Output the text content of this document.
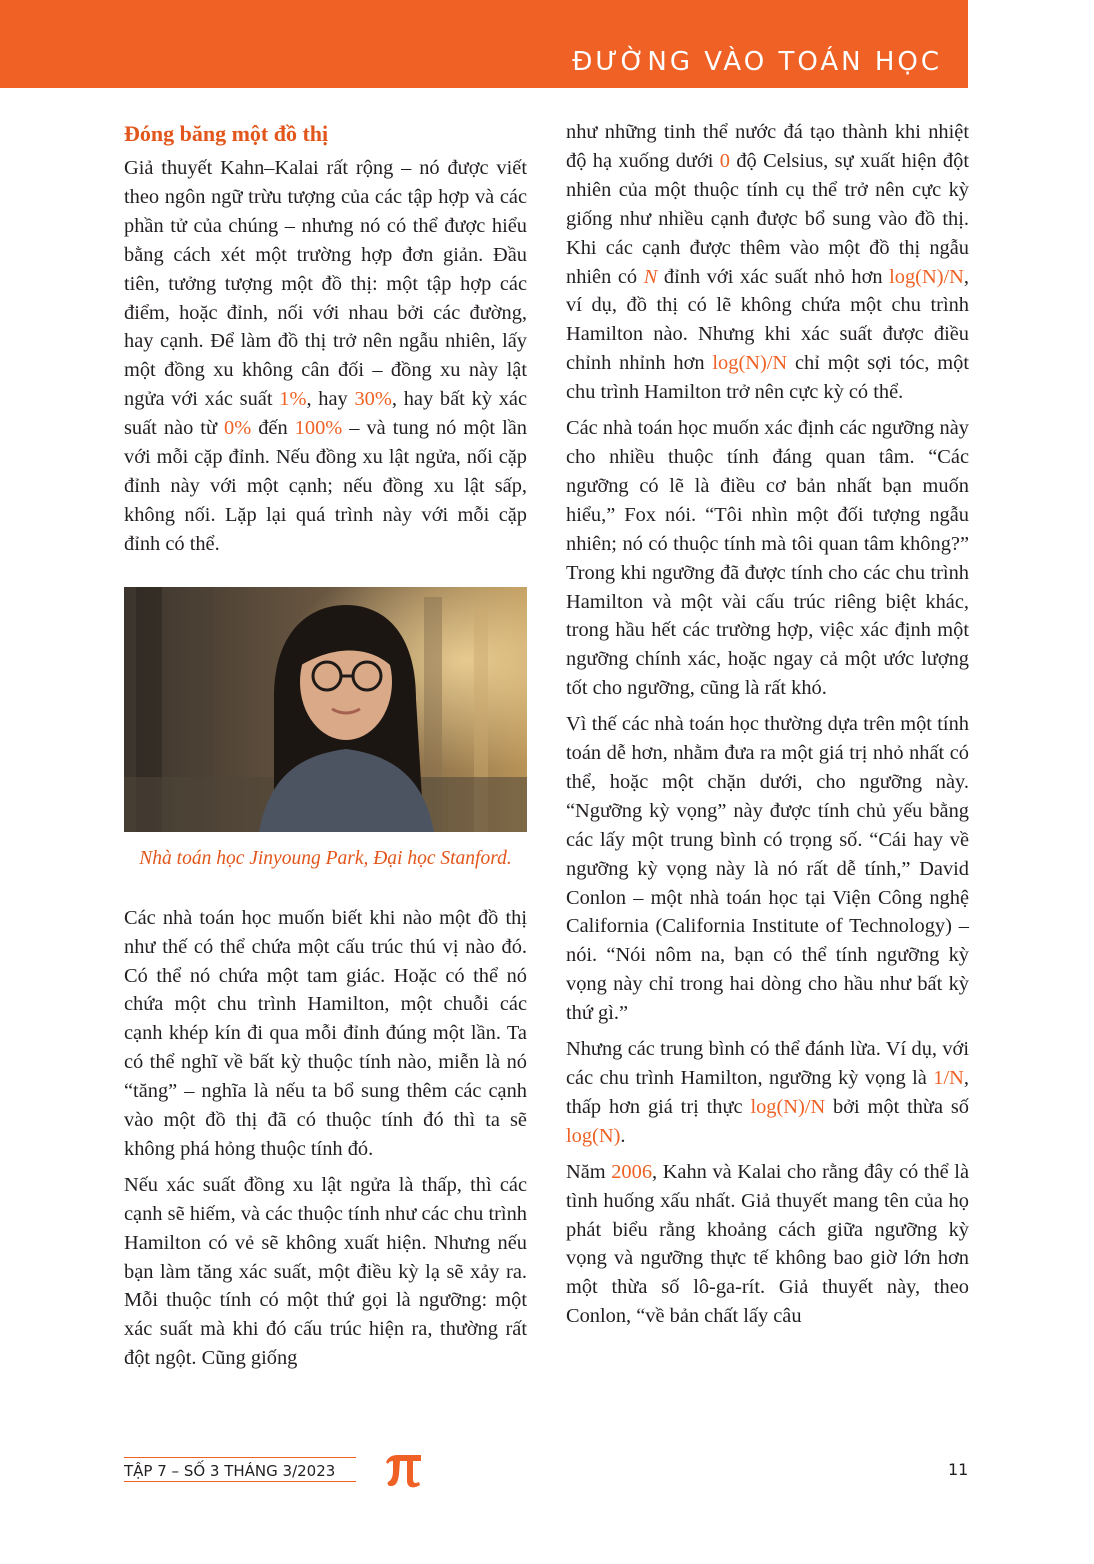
ĐƯỜNG VÀO TOÁN HỌC
Đóng băng một đồ thị

Giả thuyết Kahn–Kalai rất rộng – nó được viết theo ngôn ngữ trừu tượng của các tập hợp và các phần tử của chúng – nhưng nó có thể được hiểu bằng cách xét một trường hợp đơn giản. Đầu tiên, tưởng tượng một đồ thị: một tập hợp các điểm, hoặc đỉnh, nối với nhau bởi các đường, hay cạnh. Để làm đồ thị trở nên ngẫu nhiên, lấy một đồng xu không cân đối – đồng xu này lật ngửa với xác suất 1%, hay 30%, hay bất kỳ xác suất nào từ 0% đến 100% – và tung nó một lần với mỗi cặp đỉnh. Nếu đồng xu lật ngửa, nối cặp đỉnh này với một cạnh; nếu đồng xu lật sấp, không nối. Lặp lại quá trình này với mỗi cặp đỉnh có thể.

Nhà toán học Jinyoung Park, Đại học Stanford.

Các nhà toán học muốn biết khi nào một đồ thị như thế có thể chứa một cấu trúc thú vị nào đó. Có thể nó chứa một tam giác. Hoặc có thể nó chứa một chu trình Hamilton, một chuỗi các cạnh khép kín đi qua mỗi đỉnh đúng một lần. Ta có thể nghĩ về bất kỳ thuộc tính nào, miễn là nó “tăng” – nghĩa là nếu ta bổ sung thêm các cạnh vào một đồ thị đã có thuộc tính đó thì ta sẽ không phá hỏng thuộc tính đó.

Nếu xác suất đồng xu lật ngửa là thấp, thì các cạnh sẽ hiếm, và các thuộc tính như các chu trình Hamilton có vẻ sẽ không xuất hiện. Nhưng nếu bạn làm tăng xác suất, một điều kỳ lạ sẽ xảy ra. Mỗi thuộc tính có một thứ gọi là ngưỡng: một xác suất mà khi đó cấu trúc hiện ra, thường rất đột ngột. Cũng giống

như những tinh thể nước đá tạo thành khi nhiệt độ hạ xuống dưới 0 độ Celsius, sự xuất hiện đột nhiên của một thuộc tính cụ thể trở nên cực kỳ giống như nhiều cạnh được bổ sung vào đồ thị. Khi các cạnh được thêm vào một đồ thị ngẫu nhiên có N đỉnh với xác suất nhỏ hơn log(N)/N, ví dụ, đồ thị có lẽ không chứa một chu trình Hamilton nào. Nhưng khi xác suất được điều chỉnh nhỉnh hơn log(N)/N chỉ một sợi tóc, một chu trình Hamilton trở nên cực kỳ có thể.

Các nhà toán học muốn xác định các ngưỡng này cho nhiều thuộc tính đáng quan tâm. “Các ngưỡng có lẽ là điều cơ bản nhất bạn muốn hiểu,” Fox nói. “Tôi nhìn một đối tượng ngẫu nhiên; nó có thuộc tính mà tôi quan tâm không?” Trong khi ngưỡng đã được tính cho các chu trình Hamilton và một vài cấu trúc riêng biệt khác, trong hầu hết các trường hợp, việc xác định một ngưỡng chính xác, hoặc ngay cả một ước lượng tốt cho ngưỡng, cũng là rất khó.

Vì thế các nhà toán học thường dựa trên một tính toán dễ hơn, nhằm đưa ra một giá trị nhỏ nhất có thể, hoặc một chặn dưới, cho ngưỡng này. “Ngưỡng kỳ vọng” này được tính chủ yếu bằng các lấy một trung bình có trọng số. “Cái hay về ngưỡng kỳ vọng này là nó rất dễ tính,” David Conlon – một nhà toán học tại Viện Công nghệ California (California Institute of Technology) – nói. “Nói nôm na, bạn có thể tính ngưỡng kỳ vọng này chỉ trong hai dòng cho hầu như bất kỳ thứ gì.”

Nhưng các trung bình có thể đánh lừa. Ví dụ, với các chu trình Hamilton, ngưỡng kỳ vọng là 1/N, thấp hơn giá trị thực log(N)/N bởi một thừa số log(N).

Năm 2006, Kahn và Kalai cho rằng đây có thể là tình huống xấu nhất. Giả thuyết mang tên của họ phát biểu rằng khoảng cách giữa ngưỡng kỳ vọng và ngưỡng thực tế không bao giờ lớn hơn một thừa số lô-ga-rít. Giả thuyết này, theo Conlon, “về bản chất lấy câu

TẬP 7 – SỐ 3 THÁNG 3/2023	11
